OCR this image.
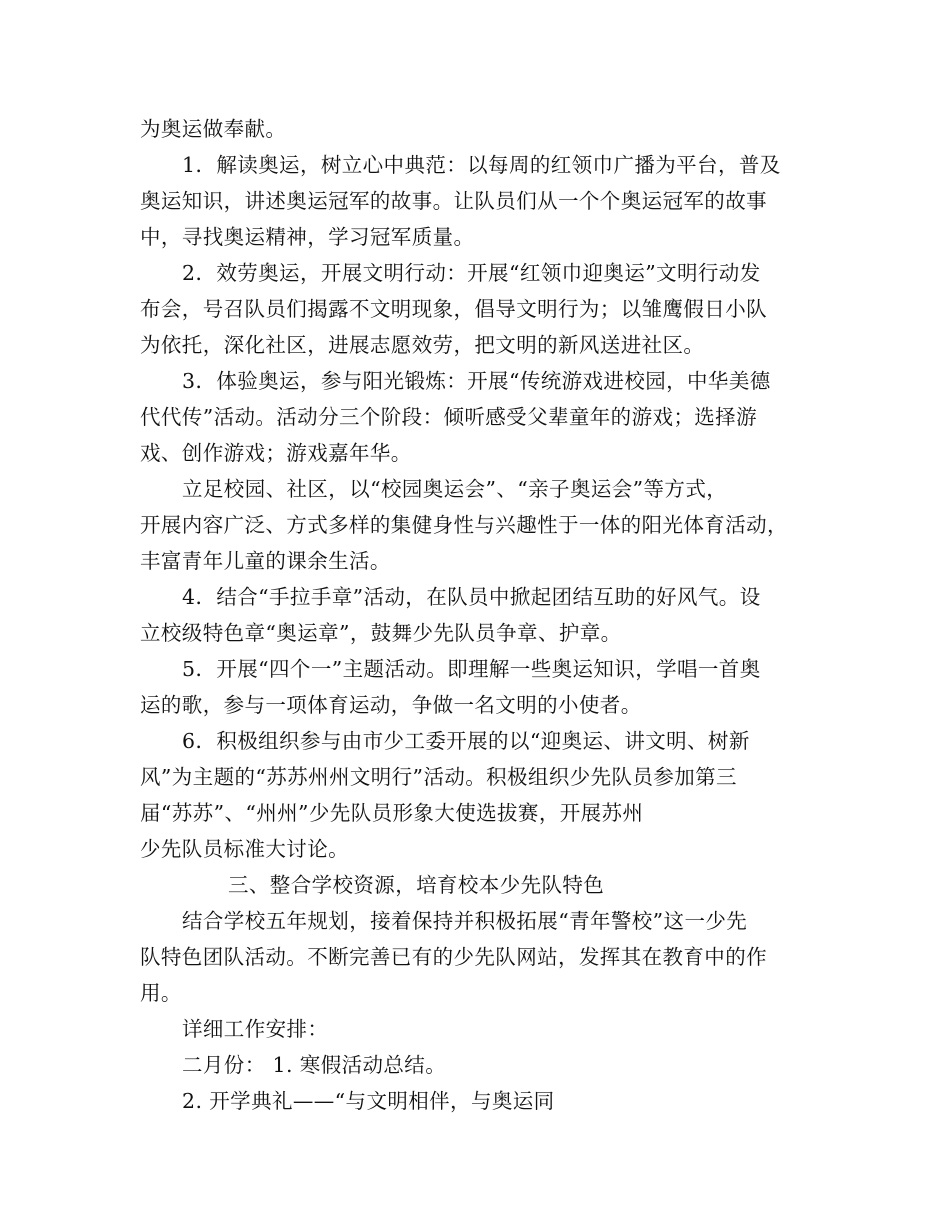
为奥运做奉献。
1．解读奥运，树立心中典范：以每周的红领巾广播为平台，普及
奥运知识，讲述奥运冠军的故事。让队员们从一个个奥运冠军的故事
中，寻找奥运精神，学习冠军质量。
2．效劳奥运，开展文明行动：开展“红领巾迎奥运”文明行动发
布会，号召队员们揭露不文明现象，倡导文明行为；以雏鹰假日小队
为依托，深化社区，进展志愿效劳，把文明的新风送进社区。
3．体验奥运，参与阳光锻炼：开展“传统游戏进校园，中华美德
代代传”活动。活动分三个阶段：倾听感受父辈童年的游戏；选择游
戏、创作游戏；游戏嘉年华。
立足校园、社区，以“校园奥运会”、“亲子奥运会”等方式，
开展内容广泛、方式多样的集健身性与兴趣性于一体的阳光体育活动，
丰富青年儿童的课余生活。
4．结合“手拉手章”活动，在队员中掀起团结互助的好风气。设
立校级特色章“奥运章”，鼓舞少先队员争章、护章。
5．开展“四个一”主题活动。即理解一些奥运知识，学唱一首奥
运的歌，参与一项体育运动，争做一名文明的小使者。
6．积极组织参与由市少工委开展的以“迎奥运、讲文明、树新
风”为主题的“苏苏州州文明行”活动。积极组织少先队员参加第三
届“苏苏”、“州州”少先队员形象大使选拔赛，开展苏州
少先队员标准大讨论。
三、整合学校资源，培育校本少先队特色
结合学校五年规划，接着保持并积极拓展“青年警校”这一少先
队特色团队活动。不断完善已有的少先队网站，发挥其在教育中的作
用。
详细工作安排：
二月份： 1. 寒假活动总结。
2. 开学典礼——“与文明相伴，与奥运同
